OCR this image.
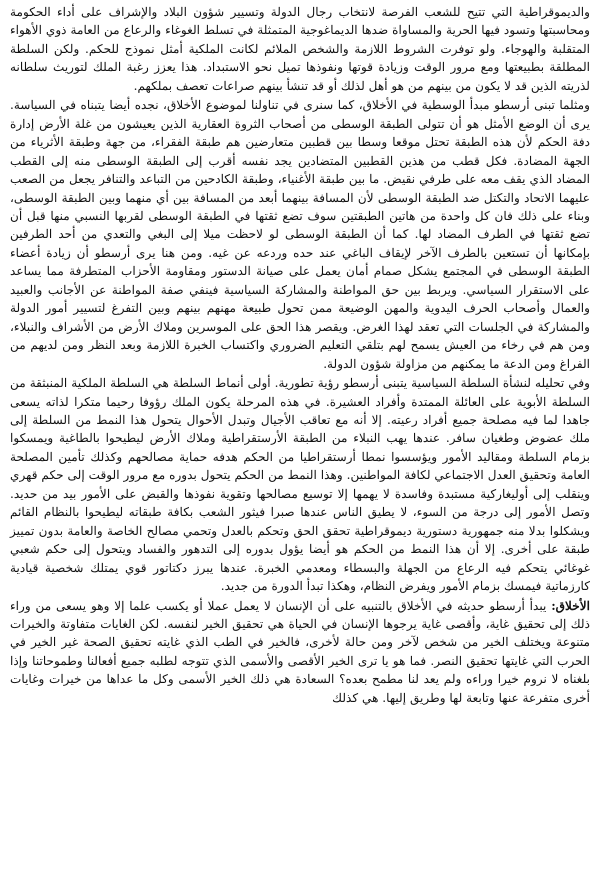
والديموقراطية التي تتيح للشعب الفرصة لانتخاب رجال الدولة وتسيير شؤون البلاد والإشراف على أداء الحكومة ومحاسبتها وتسود فيها الحرية والمساواة ضدها الديماغوجية المتمثلة في تسلط الغوغاء والرعاع من العامة ذوي الأهواء المتقلبة والهوجاء. ولو توفرت الشروط اللازمة والشخص الملائم لكانت الملكية أمثل نموذج للحكم. ولكن السلطة المطلقة بطبيعتها ومع مرور الوقت وزيادة قوتها ونفوذها تميل نحو الاستبداد. هذا يعزز رغبة الملك لتوريث سلطانه لذريته الذين قد لا يكون من بينهم من هو أهل لذلك أو قد تنشأ بينهم صراعات تعصف بملكهم.

ومثلما تبنى أرسطو مبدأ الوسطية في الأخلاق، كما سنرى في تناولنا لموضوع الأخلاق، نجده أيضا يتبناه في السياسة. يرى أن الوضع الأمثل هو أن تتولى الطبقة الوسطى من أصحاب الثروة العقارية الذين يعيشون من غلة الأرض إدارة دفة الحكم لأن هذه الطبقة تحتل موقعا وسطا بين قطبين متعارضين هم طبقة الفقراء، من جهة وطبقة الأثرياء من الجهة المضادة. فكل قطب من هذين القطبين المتضادين يجد نفسه أقرب إلى الطبقة الوسطى منه إلى القطب المضاد الذي يقف معه على طرفي نقيض. ما بين طبقة الأغنياء، وطبقة الكادحين من التباعد والتنافر يجعل من الصعب عليهما الاتحاد والتكتل ضد الطبقة الوسطى لأن المسافة بينهما أبعد من المسافة بين أي منهما وبين الطبقة الوسطى، وبناء على ذلك فان كل واحدة من هاتين الطبقتين سوف تضع ثقتها في الطبقة الوسطى لقربها النسبي منها قبل أن تضع ثقتها في الطرف المضاد لها. كما أن الطبقة الوسطى لو لاحظت ميلا إلى البغي والتعدي من أحد الطرفين بإمكانها أن تستعين بالطرف الآخر لإيقاف الباغي عند حده وردعه عن غيه. ومن هنا يرى أرسطو أن زيادة أعضاء الطبقة الوسطى في المجتمع يشكل صمام أمان يعمل على صيانة الدستور ومقاومة الأحزاب المتطرفة مما يساعد على الاستقرار السياسي. ويربط بين حق المواطنة والمشاركة السياسية فينفي صفة المواطنة عن الأجانب والعبيد والعمال وأصحاب الحرف اليدوية والمهن الوضيعة ممن تحول طبيعة مهنهم بينهم وبين التفرغ لتسيير أمور الدولة والمشاركة في الجلسات التي تعقد لهذا الغرض. ويقصر هذا الحق على الموسرين وملاك الأرض من الأشراف والنبلاء، ومن هم في رخاء من العيش يسمح لهم بتلقي التعليم الضروري واكتساب الخبرة اللازمة وبعد النظر ومن لديهم من الفراغ ومن الدعة ما يمكنهم من مزاولة شؤون الدولة.

وفي تحليله لنشأة السلطة السياسية يتبنى أرسطو رؤية تطورية. أولى أنماط السلطة هي السلطة الملكية المنبثقة من السلطة الأبوية على العائلة الممتدة وأفراد العشيرة. في هذه المرحلة يكون الملك رؤوفا رحيما متكرا لذاته يسعى جاهدا لما فيه مصلحة جميع أفراد رعيته. إلا أنه مع تعاقب الأجيال وتبدل الأحوال يتحول هذا النمط من السلطة إلى ملك عضوض وطغيان سافر. عندها يهب النبلاء من الطبقة الأرستقراطية وملاك الأرض ليطيحوا بالطاغية ويمسكوا بزمام السلطة ومقاليد الأمور ويؤسسوا نمطا أرستقراطيا من الحكم هدفه حماية مصالحهم وكذلك تأمين المصلحة العامة وتحقيق العدل الاجتماعي لكافة المواطنين. وهذا النمط من الحكم يتحول بدوره مع مرور الوقت إلى حكم قهري وينقلب إلى أوليغاركية مستبدة وفاسدة لا يهمها إلا توسيع مصالحها وتقوية نفوذها والقبض على الأمور بيد من حديد. وتصل الأمور إلى درجة من السوء، لا يطيق الناس عندها صبرا فيثور الشعب بكافة طبقاته ليطيحوا بالنظام القائم ويشكلوا بدلا منه جمهورية دستورية ديموقراطية تحقق الحق وتحكم بالعدل وتحمي مصالح الخاصة والعامة بدون تمييز طبقة على أخرى. إلا أن هذا النمط من الحكم هو أيضا يؤول بدوره إلى التدهور والفساد ويتحول إلى حكم شعبي غوغائي يتحكم فيه الرعاع من الجهلة والبسطاء ومعدمي الخبرة. عندها يبرز دكتاتور قوي يمتلك شخصية قيادية كارزماتية فيمسك بزمام الأمور ويفرض النظام، وهكذا تبدأ الدورة من جديد.

الأخلاق: يبدأ أرسطو حديثه في الأخلاق بالتنبيه على أن الإنسان لا يعمل عملا أو يكسب علما إلا وهو يسعى من وراء ذلك إلى تحقيق غاية، وأقصى غاية يرجوها الإنسان في الحياة هي تحقيق الخير لنفسه. لكن الغايات متفاوتة والخيرات متنوعة ويختلف الخير من شخص لآخر ومن حالة لأخرى، فالخير في الطب الذي غايته تحقيق الصحة غير الخير في الحرب التي غايتها تحقيق النصر. فما هو يا ترى الخير الأقصى والأسمى الذي تتوجه لطلبه جميع أفعالنا وطموحاتنا وإذا بلغناه لا نروم خيرا وراءه ولم يعد لنا مطمح بعده؟ السعادة هي ذلك الخير الأسمى وكل ما عداها من خيرات وغايات أخرى متفرعة عنها وتابعة لها وطريق إليها. هي كذلك
